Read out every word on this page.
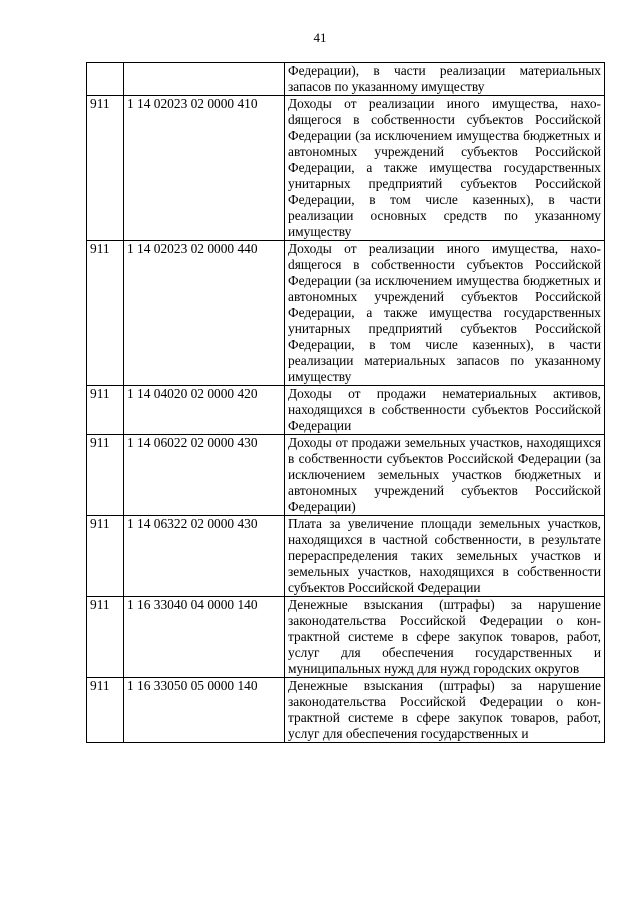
41
		Федерации), в части реализации материальных запасов по указанному имуществу
911	1 14 02023 02 0000 410	Доходы от реализации иного имущества, нахоdящегося в собственности субъектов Российской Федерации (за исключением имущества бюджетных и автономных учреждений субъектов Российской Федерации, а также имущества государственных унитарных предприятий субъектов Российской Федерации, в том числе казенных), в части реализации основных средств по указанному имуществу
911	1 14 02023 02 0000 440	Доходы от реализации иного имущества, нахоdящегося в собственности субъектов Российской Федерации (за исключением имущества бюджетных и автономных учреждений субъектов Российской Федерации, а также имущества государственных унитарных предприятий субъектов Российской Федерации, в том числе казенных), в части реализации материальных запасов по указанному имуществу
911	1 14 04020 02 0000 420	Доходы от продажи нематериальных активов, находящихся в собственности субъектов Российской Федерации
911	1 14 06022 02 0000 430	Доходы от продажи земельных участков, находящихся в собственности субъектов Российской Федерации (за исключением земельных участков бюджетных и автономных учреждений субъектов Российской Федерации)
911	1 14 06322 02 0000 430	Плата за увеличение площади земельных участков, находящихся в частной собственности, в результате перераспределения таких земельных участков и земельных участков, находящихся в собственности субъектов Российской Федерации
911	1 16 33040 04 0000 140	Денежные взыскания (штрафы) за нарушение законодательства Российской Федерации о контрактной системе в сфере закупок товаров, работ, услуг для обеспечения государственных и муниципальных нужд для нужд городских округов
911	1 16 33050 05 0000 140	Денежные взыскания (штрафы) за нарушение законодательства Российской Федерации о контрактной системе в сфере закупок товаров, работ, услуг для обеспечения государственных и
